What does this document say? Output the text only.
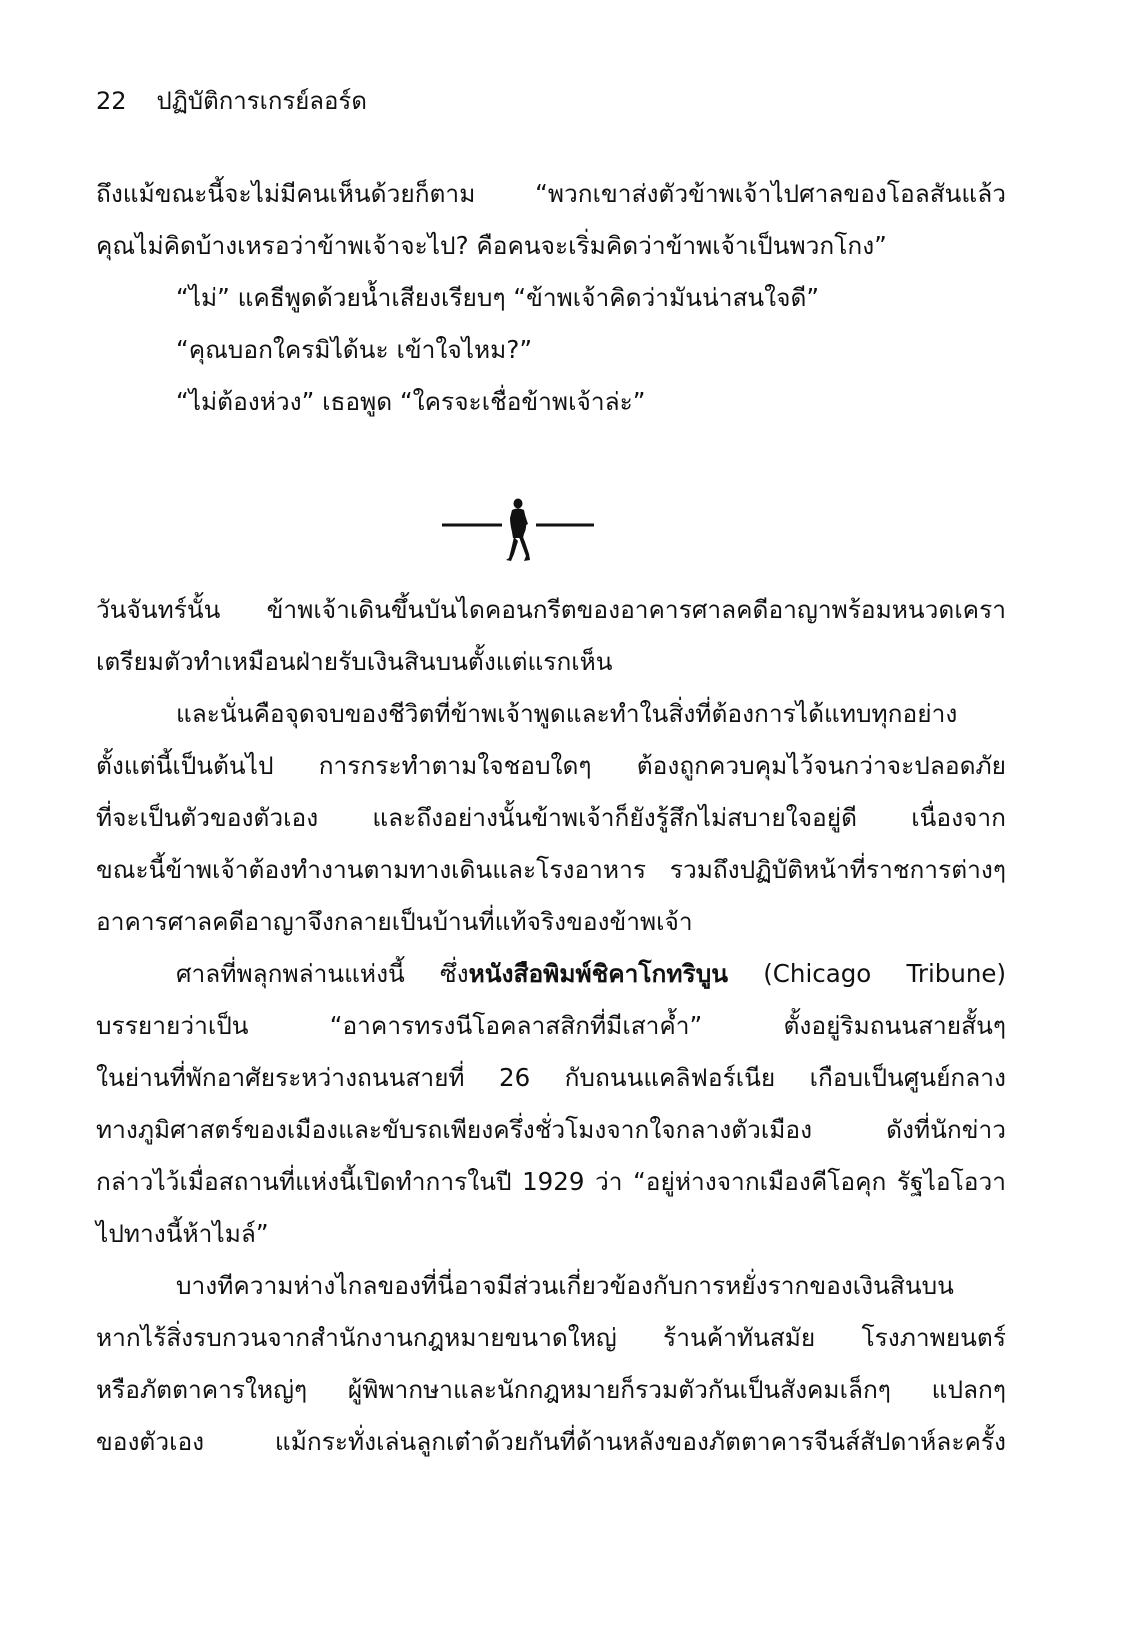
22 ปฏิบัติการเกรย์ลอร์ด

ถึงแม้ขณะนี้จะไม่มีคนเห็นด้วยก็ตาม “พวกเขาส่งตัวข้าพเจ้าไปศาลของโอลสันแล้ว

คุณไม่คิดบ้างเหรอว่าข้าพเจ้าจะไป? คือคนจะเริ่มคิดว่าข้าพเจ้าเป็นพวกโกง”

“ไม่” แคธีพูดด้วยน้ำเสียงเรียบๆ “ข้าพเจ้าคิดว่ามันน่าสนใจดี”

“คุณบอกใครมิได้นะ เข้าใจไหม?”

“ไม่ต้องห่วง” เธอพูด “ใครจะเชื่อข้าพเจ้าล่ะ”

วันจันทร์นั้น ข้าพเจ้าเดินขึ้นบันไดคอนกรีตของอาคารศาลคดีอาญาพร้อมหนวดเครา

เตรียมตัวทำเหมือนฝ่ายรับเงินสินบนตั้งแต่แรกเห็น

และนั่นคือจุดจบของชีวิตที่ข้าพเจ้าพูดและทำในสิ่งที่ต้องการได้แทบทุกอย่าง

ตั้งแต่นี้เป็นต้นไป การกระทำตามใจชอบใดๆ ต้องถูกควบคุมไว้จนกว่าจะปลอดภัย

ที่จะเป็นตัวของตัวเอง และถึงอย่างนั้นข้าพเจ้าก็ยังรู้สึกไม่สบายใจอยู่ดี เนื่องจาก

ขณะนี้ข้าพเจ้าต้องทำงานตามทางเดินและโรงอาหาร รวมถึงปฏิบัติหน้าที่ราชการต่างๆ

อาคารศาลคดีอาญาจึงกลายเป็นบ้านที่แท้จริงของข้าพเจ้า

ศาลที่พลุกพล่านแห่งนี้ ซึ่งหนังสือพิมพ์ชิคาโกทริบูน (Chicago Tribune)

บรรยายว่าเป็น “อาคารทรงนีโอคลาสสิกที่มีเสาค้ำ” ตั้งอยู่ริมถนนสายสั้นๆ

ในย่านที่พักอาศัยระหว่างถนนสายที่ 26 กับถนนแคลิฟอร์เนีย เกือบเป็นศูนย์กลาง

ทางภูมิศาสตร์ของเมืองและขับรถเพียงครึ่งชั่วโมงจากใจกลางตัวเมือง ดังที่นักข่าว

กล่าวไว้เมื่อสถานที่แห่งนี้เปิดทำการในปี 1929 ว่า “อยู่ห่างจากเมืองคีโอคุก รัฐไอโอวา

ไปทางนี้ห้าไมล์”

บางทีความห่างไกลของที่นี่อาจมีส่วนเกี่ยวข้องกับการหยั่งรากของเงินสินบน

หากไร้สิ่งรบกวนจากสำนักงานกฎหมายขนาดใหญ่ ร้านค้าทันสมัย โรงภาพยนตร์

หรือภัตตาคารใหญ่ๆ ผู้พิพากษาและนักกฎหมายก็รวมตัวกันเป็นสังคมเล็กๆ แปลกๆ

ของตัวเอง แม้กระทั่งเล่นลูกเต๋าด้วยกันที่ด้านหลังของภัตตาคารจีนส์สัปดาห์ละครั้ง
